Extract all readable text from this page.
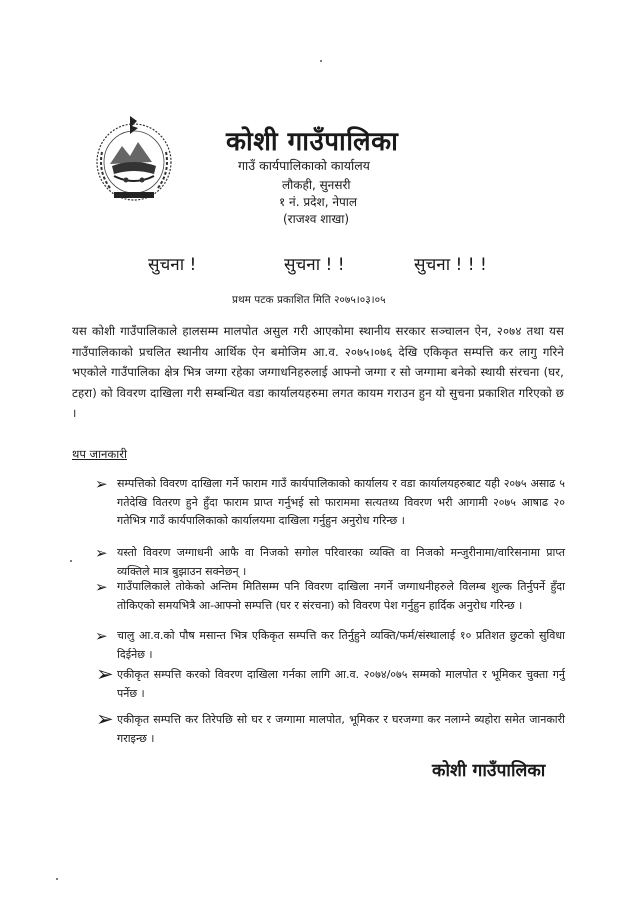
कोशी गाउँपालिका
गाउँ कार्यपालिकाको कार्यालय
लौकही, सुनसरी
१ नं. प्रदेश, नेपाल
(राजश्व शाखा)
सुचना !	सुचना ! !	सुचना ! ! !
प्रथम पटक प्रकाशित मिति २०७५।०३।०५
यस कोशी गाउँपालिकाले हालसम्म मालपोत असुल गरी आएकोमा स्थानीय सरकार सञ्चालन ऐन, २०७४ तथा यस गाउँपालिकाको प्रचलित स्थानीय आर्थिक ऐन बमोजिम आ.व. २०७५।०७६ देखि एकिकृत सम्पत्ति कर लागु गरिने भएकोले गाउँपालिका क्षेत्र भित्र जग्गा रहेका जग्गाधनिहरुलाई आफ्नो जग्गा र सो जग्गामा बनेको स्थायी संरचना (घर, टहरा) को विवरण दाखिला गरी सम्बन्धित वडा कार्यालयहरुमा लगत कायम गराउन हुन यो सुचना प्रकाशित गरिएको छ ।
थप जानकारी
➢ सम्पत्तिको विवरण दाखिला गर्ने फाराम गाउँ कार्यपालिकाको कार्यालय र वडा कार्यालयहरुबाट यही २०७५ असाढ ५ गतेदेखि वितरण हुने हुँदा फाराम प्राप्त गर्नुभई सो फाराममा सत्यतथ्य विवरण भरी आगामी २०७५ आषाढ २० गतेभित्र गाउँ कार्यपालिकाको कार्यालयमा दाखिला गर्नुहुन अनुरोध गरिन्छ ।
➢ यस्तो विवरण जग्गाधनी आफै वा निजको सगोल परिवारका व्यक्ति वा निजको मन्जुरीनामा/वारिसनामा प्राप्त व्यक्तिले मात्र बुझाउन सक्नेछन् ।
➢ गाउँपालिकाले तोकेको अन्तिम मितिसम्म पनि विवरण दाखिला नगर्ने जग्गाधनीहरुले विलम्ब शुल्क तिर्नुपर्ने हुँदा तोकिएको समयभित्रै आ-आफ्नो सम्पत्ति (घर र संरचना) को विवरण पेश गर्नुहुन हार्दिक अनुरोध गरिन्छ ।
➢ चालु आ.व.को पौष मसान्त भित्र एकिकृत सम्पत्ति कर तिर्नुहुने व्यक्ति/फर्म/संस्थालाई १० प्रतिशत छुटको सुविधा दिईनेछ ।
➢ एकीकृत सम्पत्ति करको विवरण दाखिला गर्नका लागि आ.व. २०७४/०७५ सम्मको मालपोत र भूमिकर चुक्ता गर्नु पर्नेछ ।
➢ एकीकृत सम्पत्ति कर तिरेपछि सो घर र जग्गामा मालपोत, भूमिकर र घरजग्गा कर नलाग्ने ब्यहोरा समेत जानकारी गराइन्छ ।
कोशी गाउँपालिका
